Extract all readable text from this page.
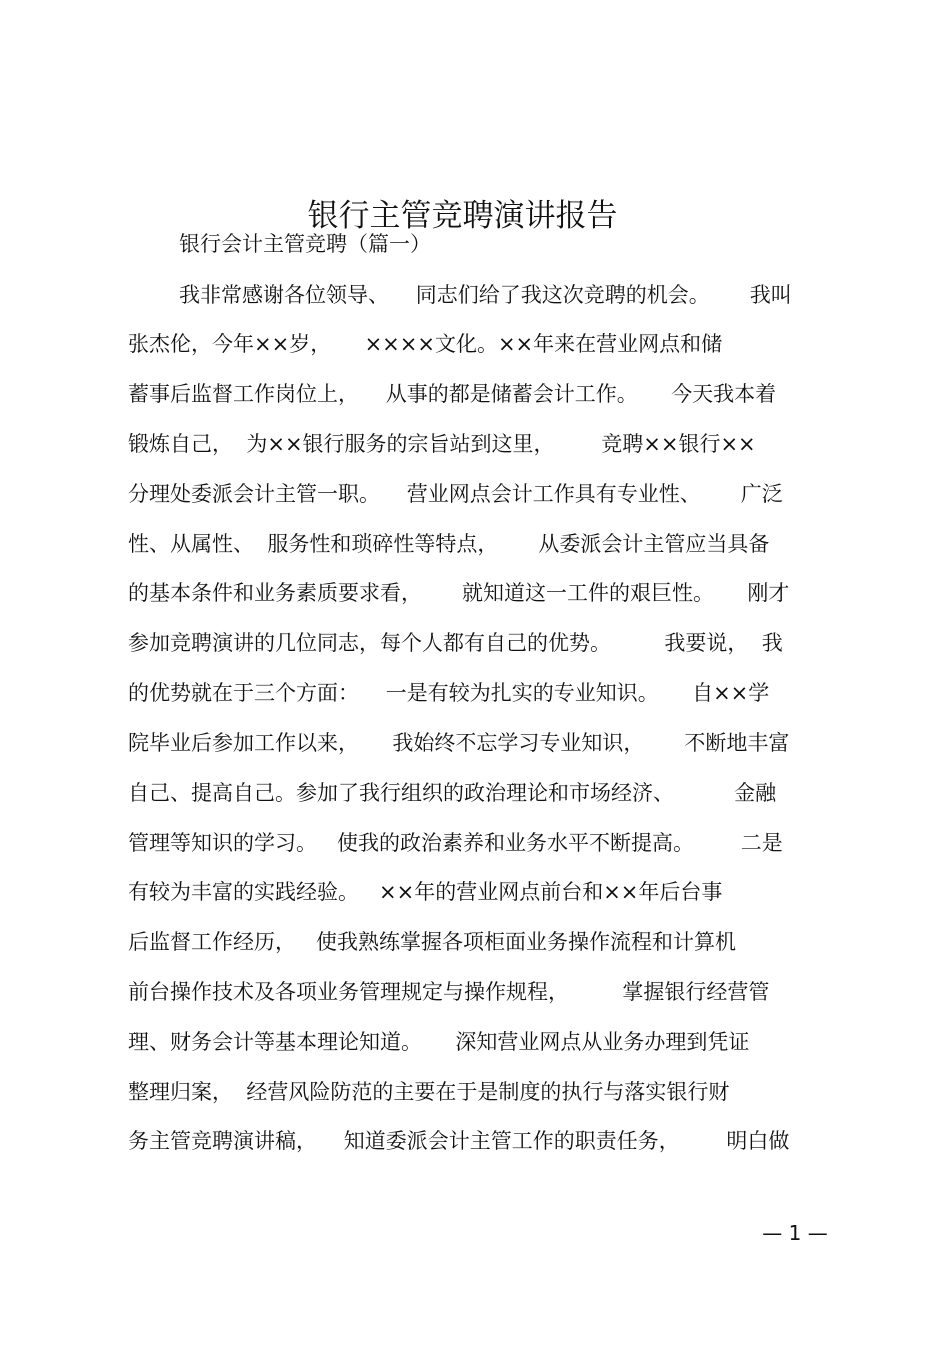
银行主管竞聘演讲报告
银行会计主管竞聘（篇一）
我非常感谢各位领导、    同志们给了我这次竞聘的机会。      我叫
张杰伦，今年××岁，     ××××文化。××年来在营业网点和储
蓄事后监督工作岗位上，    从事的都是储蓄会计工作。     今天我本着
锻炼自己，  为××银行服务的宗旨站到这里，       竞聘××银行××
分理处委派会计主管一职。    营业网点会计工作具有专业性、      广泛
性、从属性、  服务性和琐碎性等特点，      从委派会计主管应当具备
的基本条件和业务素质要求看，      就知道这一工件的艰巨性。     刚才
参加竞聘演讲的几位同志，每个人都有自己的优势。        我要说，  我
的优势就在于三个方面：    一是有较为扎实的专业知识。     自××学
院毕业后参加工作以来，     我始终不忘学习专业知识，      不断地丰富
自己、提高自己。参加了我行组织的政治理论和市场经济、         金融
管理等知识的学习。   使我的政治素养和业务水平不断提高。       二是
有较为丰富的实践经验。   ××年的营业网点前台和××年后台事
后监督工作经历，   使我熟练掌握各项柜面业务操作流程和计算机
前台操作技术及各项业务管理规定与操作规程，        掌握银行经营管
理、财务会计等基本理论知道。     深知营业网点从业务办理到凭证
整理归案，  经营风险防范的主要在于是制度的执行与落实银行财
务主管竞聘演讲稿，    知道委派会计主管工作的职责任务，       明白做
— 1 —
